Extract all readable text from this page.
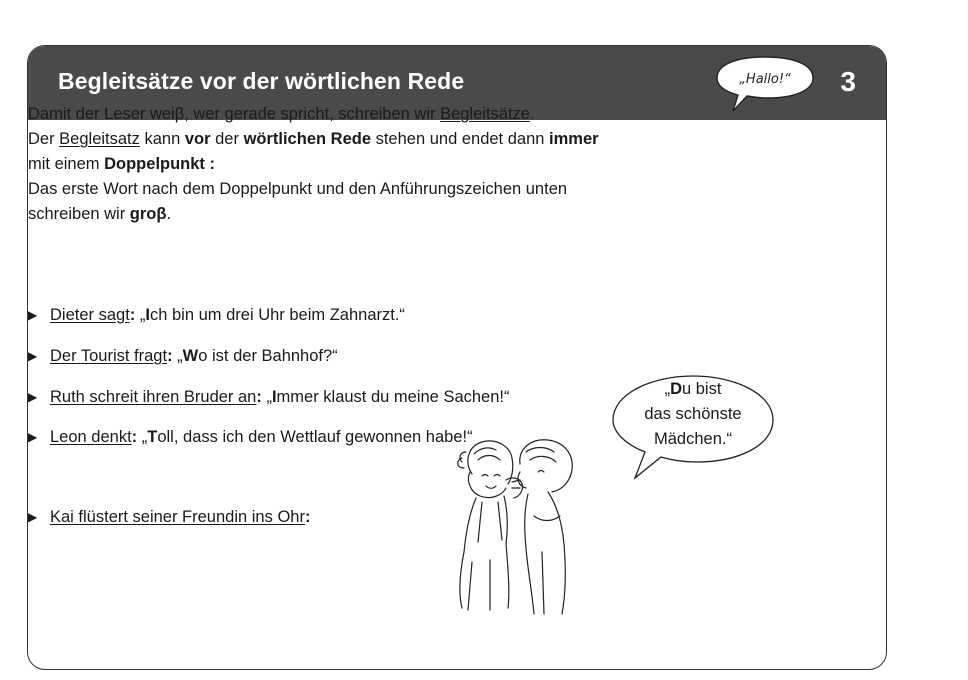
Begleitsätze vor der wörtlichen Rede	„Hallo!“ 3

Damit der Leser weiβ, wer gerade spricht, schreiben wir Begleitsätze.

Der Begleitsatz kann vor der wörtlichen Rede stehen und endet dann immer

mit einem Doppelpunkt :

Das erste Wort nach dem Doppelpunkt und den Anführungszeichen unten

schreiben wir groβ.

▶ Dieter sagt: „Ich bin um drei Uhr beim Zahnarzt.“
▶ Der Tourist fragt: „Wo ist der Bahnhof?“
▶ Ruth schreit ihren Bruder an: „Immer klaust du meine Sachen!“
▶ Leon denkt: „Toll, dass ich den Wettlauf gewonnen habe!“
▶ Kai flüstert seiner Freundin ins Ohr:
„Du bist
das schönste
Mädchen.“
